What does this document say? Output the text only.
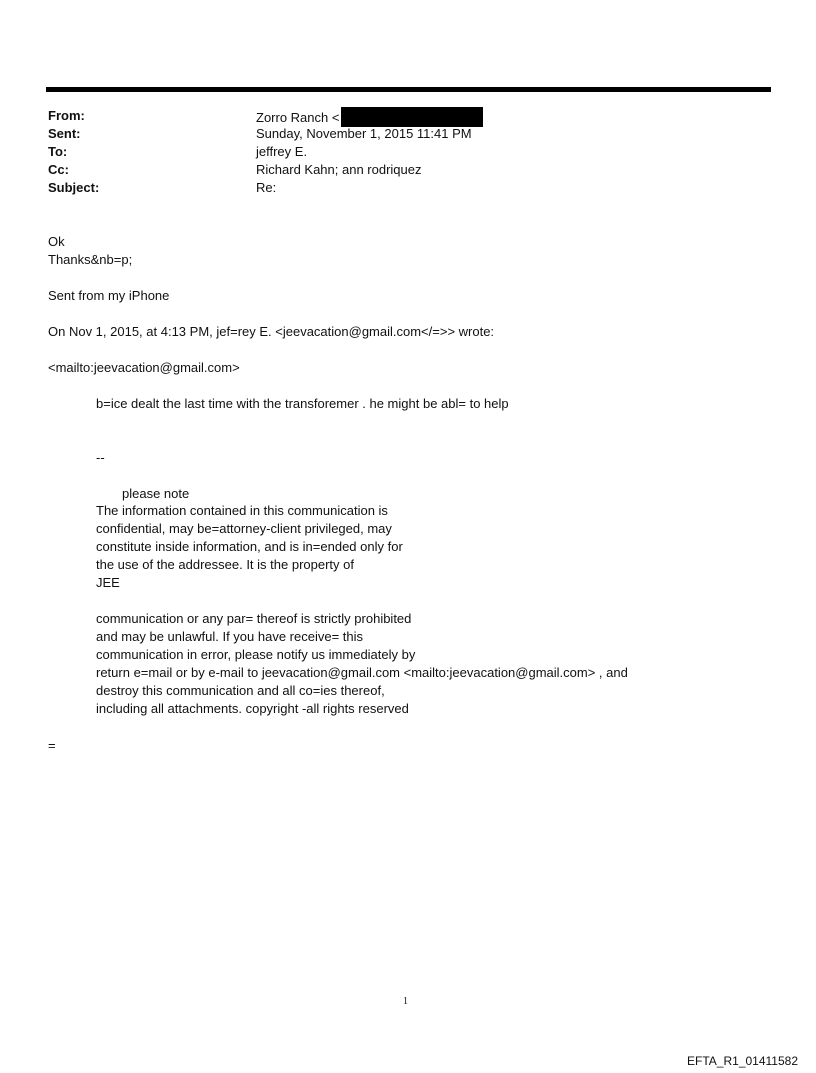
From:	Zorro Ranch <
Sent:	Sunday, November 1, 2015 11:41 PM
To:	jeffrey E.
Cc:	Richard Kahn; ann rodriquez
Subject:	Re:
Ok
Thanks&nb=p;
Sent from my iPhone
On Nov 1, 2015, at 4:13 PM, jef=rey E. <jeevacation@gmail.com</=>> wrote:
<mailto:jeevacation@gmail.com>
b=ice dealt the last time with the transforemer . he might be abl= to help
--
please note
The information contained in this communication is
confidential, may be=attorney-client privileged, may
constitute inside information, and is in=ended only for
the use of the addressee. It is the property of
JEE
communication or any par= thereof is strictly prohibited
and may be unlawful. If you have receive= this
communication in error, please notify us immediately by
return e=mail or by e-mail to jeevacation@gmail.com <mailto:jeevacation@gmail.com> , and
destroy this communication and all co=ies thereof,
including all attachments. copyright -all rights reserved
=
1
EFTA_R1_01411582
